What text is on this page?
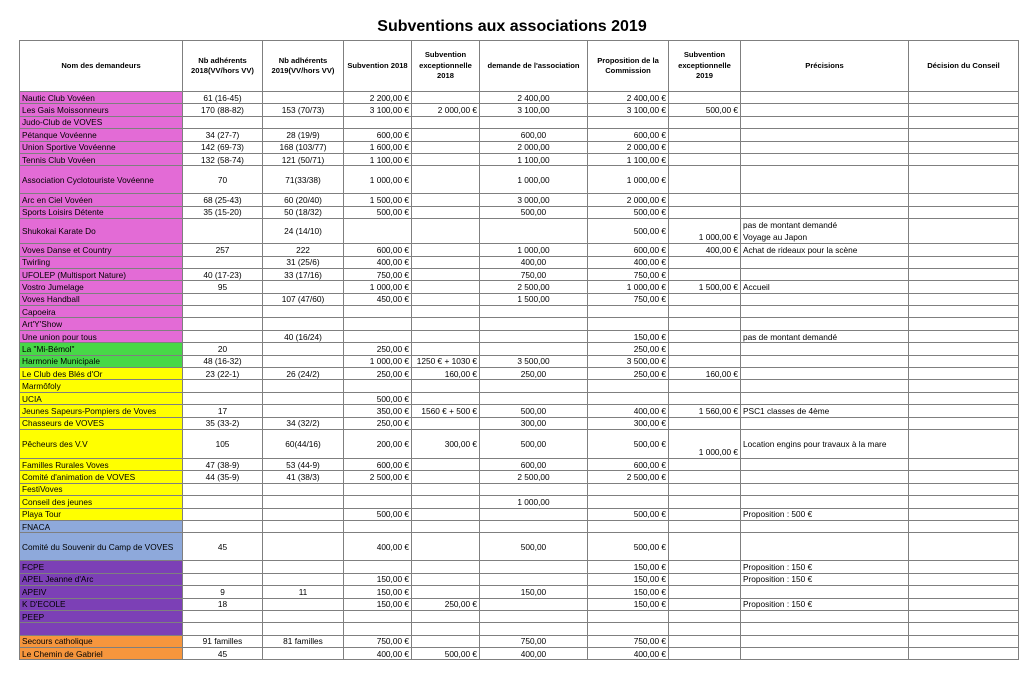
Subventions aux associations 2019
Nom des demandeurs	Nb adhérents 2018(VV/hors VV)	Nb adhérents 2019(VV/hors VV)	Subvention 2018	Subvention exceptionnelle 2018	demande de l'association	Proposition de la Commission	Subvention exceptionnelle 2019	Précisions	Décision du Conseil
Nautic Club Vovéen	61 (16-45)		2 200,00 €		2 400,00	2 400,00 €			
Les Gais Moissonneurs	170 (88-82)	153 (70/73)	3 100,00 €	2 000,00 €	3 100,00	3 100,00 €	500,00 €		
Judo-Club de VOVES									
Pétanque Vovéenne	34 (27-7)	28 (19/9)	600,00 €		600,00	600,00 €			
Union Sportive Vovéenne	142 (69-73)	168 (103/77)	1 600,00 €		2 000,00	2 000,00 €			
Tennis Club Vovéen	132 (58-74)	121 (50/71)	1 100,00 €		1 100,00	1 100,00 €			
Association Cyclotouriste Vovéenne	70	71(33/38)	1 000,00 €		1 000,00	1 000,00 €			
Arc en Ciel Vovéen	68 (25-43)	60 (20/40)	1 500,00 €		3 000,00	2 000,00 €			
Sports Loisirs Détente	35 (15-20)	50 (18/32)	500,00 €		500,00	500,00 €			
Shukokai Karate Do		24 (14/10)				500,00 €	1 000,00 €	pas de montant demandé
Voyage au Japon	

Voves Danse et Country	257	222	600,00 €		1 000,00	600,00 €	400,00 €	Achat de rideaux pour la scène	
Twirling		31 (25/6)	400,00 €		400,00	400,00 €			
UFOLEP (Multisport Nature)	40 (17-23)	33 (17/16)	750,00 €		750,00	750,00 €			
Vostro Jumelage	95		1 000,00 €		2 500,00	1 000,00 €	1 500,00 €	Accueil	
Voves Handball		107 (47/60)	450,00 €		1 500,00	750,00 €			
Capoeira									
Art'Y'Show									
Une union pour tous		40 (16/24)				150,00 €		pas de montant demandé	
La "Mi-Bémol"	20		250,00 €			250,00 €			
Harmonie Municipale	48 (16-32)		1 000,00 €	1250 € + 1030 €	3 500,00	3 500,00 €			
Le Club des Blés d'Or	23 (22-1)	26 (24/2)	250,00 €	160,00 €	250,00	250,00 €	160,00 €		
Marmôfoly									
UCIA			500,00 €						
Jeunes Sapeurs-Pompiers de Voves	17		350,00 €	1560 € + 500 €	500,00	400,00 €	1 560,00 €	PSC1 classes de 4ème	
Chasseurs de VOVES	35 (33-2)	34 (32/2)	250,00 €		300,00	300,00 €			
Pêcheurs des V.V	105	60(44/16)	200,00 €	300,00 €	500,00	500,00 €	1 000,00 €	Location engins pour travaux à la mare	
Familles Rurales Voves	47 (38-9)	53 (44-9)	600,00 €		600,00	600,00 €			
Comité d'animation de VOVES	44 (35-9)	41 (38/3)	2 500,00 €		2 500,00	2 500,00 €			
FestiVoves									
Conseil des jeunes					1 000,00				
Playa Tour			500,00 €			500,00 €		Proposition : 500 €	
FNACA									
Comité du Souvenir du Camp de VOVES	45		400,00 €		500,00	500,00 €			
FCPE						150,00 €		Proposition : 150 €	
APEL Jeanne d'Arc			150,00 €			150,00 €		Proposition : 150 €	
APEIV	9	11	150,00 €		150,00	150,00 €			
K D'ECOLE	18		150,00 €	250,00 €		150,00 €		Proposition : 150 €	
PEEP									

Secours catholique	91 familles	81 familles	750,00 €		750,00	750,00 €			
Le Chemin de Gabriel	45		400,00 €	500,00 €	400,00	400,00 €			
